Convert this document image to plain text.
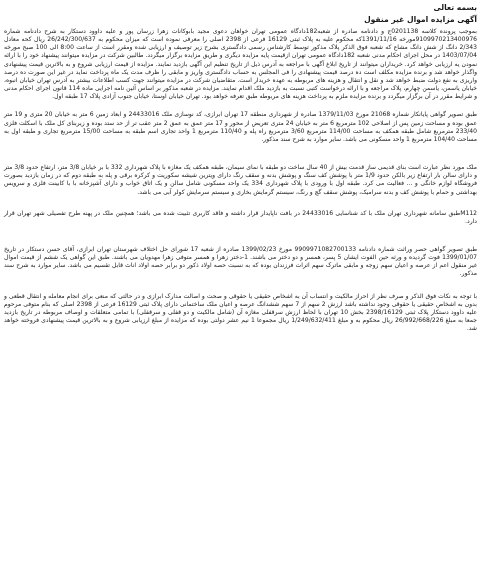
بسمه تعالی
آگهی مزایده اموال غیر منقول

بموجب پرونده کلاسه 0201138ج و دادنامه صادره از شعبه182دادگاه عمومی تهران خواهان دعوی مجید بابوکانات زهرا زرسان پور و علیه داوود دستکار به شرح دادنامه شماره 9109970213400976مورخه 1391/11/16که محکوم علیه به پلاک ثبتی 16129 فرعی از 2398 اصلی را معرفی نموده است که میزان محکوم به 26/242/300/637 ریال کحه معادل 2/343 دانگ از شش دانگ مشاع که شعبه فوق الذکر پلاک مذکور توسط کارشناس رسمی دادگستری بشرح زیر توصیف و ارزیابی شده ومقرر است از ساعت 8:00 الی 100 صبح مورخه 1403/07/04 در محل اجرای احکام مدنی شعبه 182دادگاه عمومی تهران ازقیمت پایه مزایده دیگری و طریق مزایده برگزار میگردد. طالبین شرکت در مزایده میتوانند پیشنهاد خود را با ارائه نمودن یه ارزیابی خواهد کرد. خریداران میتوانند از تاریخ ابلاغ آگهی با مراجعه به آدرس ذیل از تاریخ تنظیم این آگهی بازدید نمایند. مزایده از قیمت ارزیابی شروع و به بالاترین قیمت پیشنهادی واگذار خواهد شد و برنده مزایده مکلف است ده درصد قیمت پیشنهادی را فی المجلس به حساب دادگستری واریز و مابقی را ظرف مدت یک ماه پرداخت نماید در غیر این صورت ده درصد واریزی به نفع دولت ضبط خواهد شد و نقل و انتقال و هزینه های مربوطه به عهده خریدار است. متقاضیان شرکت در مزایده میتوانند جهت کسب اطلاعات بیشتر به آدرس تهران خیابان انبوه، خیابان یاسمن، یاسمن چهارم، پلاک مراجعه و با ارائه درخواست کتبی نسبت به بازدید ملک اقدام نمایند. مزایده در شعبه مذکور بر اساس آئین نامه اجرایی ماده 114 قانون اجرای احکام مدنی و شرایط مقرر در آن برگزار میگردد و برنده مزایده ملزم به پرداخت هزینه های مربوطه طبق تعرفه خواهد بود. تهران خیابان اوستا، خیابان جنوب آزادی پلاک 17 طبقه اول.

طبق تصویر گواهی پایانکار شماره 21068 مورخ 1379/11/03 صادره از شهرداری منطقه 17 تهران ابرازی، کد نوسازی ملک 24433016 و ابعاد زمین 6 متر به خیابان 20 متری و 19 متر عمق بوده و مساحت زمین پس از اصلاحی 102 مترمربع 6 متر به خیابان 24 متری تعریض از محور و 17 متر عمق به عمق 2 متر عقب تر از حد ستد بوده و زیربنای کل ملک با اسکلت فلزی 233/40 مترمربع شامل طبقه همکف به مساحت 114/00 مترمربع 3/60 مترمربع راه پله و 110/40 مترمربع 1 واحد تجاری اسم طبقه به مساحت 15/00 مترمربع تجاری و طبقه اول به مساحت 104/40 مترمربع 1 واحد مسکونی می باشد. سایر موارد به شرح سند مذکور.

ملک مورد نظر عبارت است بنای قدیمی ساز قدمت بیش از 40 سال ساخت دو طبقه با نمای سیمان، طبقه همکف یک مغازه با پلاک شهرداری 332 با بر خیابان 3/8 متر، ارتفاع حدود 3/8 متر و دارای سالن بار ارتفاع زیر بالکن حدود 1/9 متر با پوشش کف سنگ و پوشش بدنه و سقف رنگ دارای ویترین شیشه سکوریت و کرکره برقی و پله به طبقه دوم که در زمان بازدید بصورت فروشگاه لوازم خانگی و ... فعالیت می کرد. طبقه اول با ورودی با پلاک شهرداری 334 یک واحد مسکونی شامل سالن و یک اتاق خواب و دارای آشپزخانه با با کابینت فلزی و سرویس بهداشتی و حمام با پوشش کف و بدنه سرامیک، پوشش سقف گچ و رنگ، سیستم گرمایش بخاری و سیستم سرمایش کولر آبی می باشد.

M112طبق سامانه شهرداری تهران ملک با کد شناسایی 24433016 در بافت ناپایدار قرار داشته و فاقد کاربری تثبیت شده می باشد؛ همچنین ملک در پهنه طرح تفصیلی شهر تهران قرار دارد.

طبق تصویر گواهی حصر وراثت شماره دادنامه 9909971082700133 مورخ 1399/02/23 صادره از شعبه 17 شورای حل اختلاف شهرستان تهران ابرازی، آقای حسن دستکار در تاریخ 1399/01/07 فوت گردیده و ورثه حین الفوت ایشان 5 پسر، همسر و دو دختر می باشند. 1-دختر زهرا و همسر متوفی زهرا مهدویان می باشند. طبق این گواهی یک ششم از قیمت اموال غیر منقول اعم از عرصه و اعیان سهم زوجه و مابقی ماترک سهم اثرات فرزندان بوده که به نسبت حصه اولاد ذکور دو برابر حصه اولاد اناث قابل تقسیم می باشد. سایر موارد به شرح سند مذکور.

با توجه به نکات فوق الذکر و صرف نظر از احراز مالکیت و انتساب آن به اشخاص حقیقی یا حقوقی و صحت و اصالت مدارک ابرازی و در حالتی که منعی برای انجام معامله و انتقال قطعی و بدون به اشخاص حقیقی یا حقوقی وجود نداشته باشد ارزش 2 سهم از 7 سهم ششدانگ عرصه و اعیان ملک ساختمانی دارای پلاک ثبتی 16129 فرعی از 2398 اصلی که بنام متوفی مرحوم علیه داوود دستکار پلاک ثبتی 2398/16129 بخش 10 تهران با لحاظ ارزش سرقفلی مغازه آن (شامل مالکیت و دو قفلی و سرقفلی) با تمامی متعلقات و اوصاف مربوطه در تاریخ بازدید جمعا به مبلغ 26/992/668/226 ریال محکوم به و مبلغ 1/249/632/411 ریال مجموعا 1 نیم عشر دولتی بوده که مزایده از مبلغ ارزیابی شروع و به بالاترین قیمت پیشنهادی فروخته خواهد شد.
